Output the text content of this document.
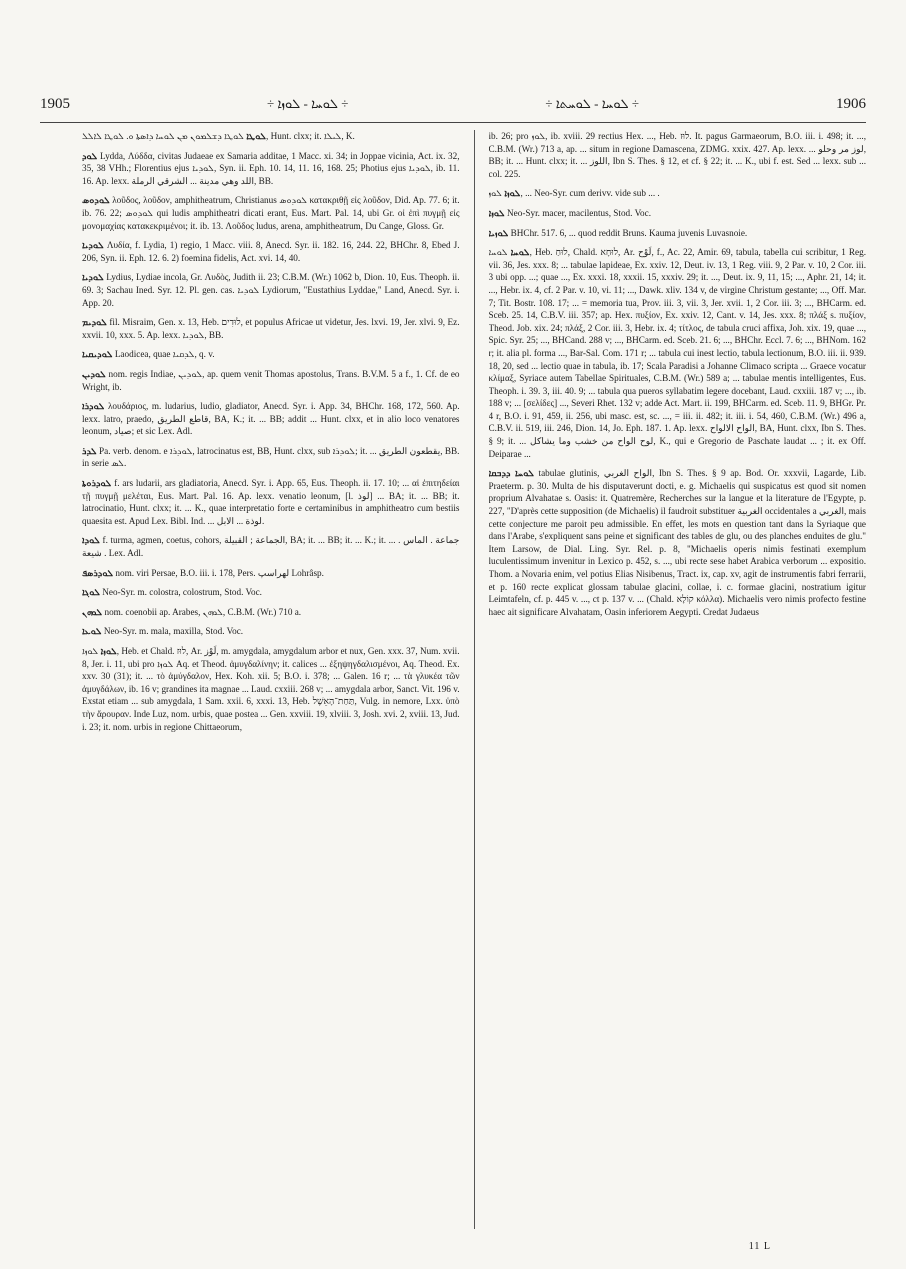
1905	÷ ܠܘܚܐ - ܠܘܙܐ ÷	÷ ܠܘܚܐ - ܠܘܚܬܐ ÷	1906

ܠܘܛܐ ܠܘܛܐ ܕܫܠܡܘܢ ܡܢ ܠܘܚܐ ܕܐܣܬܐ ܘ. ܠܘܛܐ ܠܐܠܠ, Hunt. clxx; it. ܠܝܠܐ, K.

ܠܘܕ Lydda, Λύδδα, civitas Judaeae ex Samaria additae, 1 Macc. xi. 34; in Joppae vicinia, Act. ix. 32, 35, 38 VHh.; Florentius ejus ܠܘܕܝܐ, Syn. ii. Eph. 10. 14, 11. 16, 168. 25; Photius ejus ܠܘܕܝܐ, ib. 11. 16. Ap. lexx. اللد وهي مدينة ... الشرقي الرملة, BB.

ܠܘܕܘܣ λοῦδος, λοῦδον, amphitheatrum, Christianus ܠܘܕܘܣ κατακριθῇ εἰς λοῦδον, Did. Ap. 77. 6; it. ib. 76. 22; ܠܘܕܘܣ qui ludis amphitheatri dicati erant, Eus. Mart. Pal. 14, ubi Gr. οἱ ἐπὶ πυγμῇ εἰς μονομαχίας κατακεκριμένοι; it. ib. 13. Λοῦδος ludus, arena, amphitheatrum, Du Cange, Gloss. Gr.

ܠܘܕܝܐ Λυδία, f. Lydia, 1) regio, 1 Macc. viii. 8, Anecd. Syr. ii. 182. 16, 244. 22, BHChr. 8, Ebed J. 206, Syn. ii. Eph. 12. 6. 2) foemina fidelis, Act. xvi. 14, 40.

ܠܘܕܝܐ Lydius, Lydiae incola, Gr. Λυδὸς, Judith ii. 23; C.B.M. (Wr.) 1062 b, Dion. 10, Eus. Theoph. ii. 69. 3; Sachau Ined. Syr. 12. Pl. gen. cas. ܠܘܕܝܐ Lydiorum, "Eustathius Lyddae," Land, Anecd. Syr. i. App. 20.

ܠܘܕܝܡ fil. Misraim, Gen. x. 13, Heb. לוּדִים, et populus Africae ut videtur, Jes. lxvi. 19, Jer. xlvi. 9, Ez. xxvii. 10, xxx. 5. Ap. lexx. ܠܘܕܝܐ, BB.

ܠܘܕܝܩܝܐ Laodicea, quae ܠܕܩܝܐ, q. v.

ܠܘܕܝܢ nom. regis Indiae, ܠܘܕܝܢ, ap. quem venit Thomas apostolus, Trans. B.V.M. 5 a f., 1. Cf. de eo Wright, ib.

ܠܘܕܪܐ λουδάριος, m. ludarius, ludio, gladiator, Anecd. Syr. i. App. 34, BHChr. 168, 172, 560. Ap. lexx. latro, praedo, قاطع الطريق, BA, K.; it. ... BB; addit ... Hunt. clxx, et in alio loco venatores leonum, صياد; et sic Lex. Adl.

ܠܕܪ Pa. verb. denom. e ܠܘܕܪܐ, latrocinatus est, BB, Hunt. clxx, sub ܠܘܕܪܐ; it. ... يقطعون الطريق, BB. in serie ܠܣ.

ܠܘܕܪܘܬܐ f. ars ludarii, ars gladiatoria, Anecd. Syr. i. App. 65, Eus. Theoph. ii. 17. 10; ... αἱ ἐπιτηδείαι τῇ πυγμῇ μελέται, Eus. Mart. Pal. 16. Ap. lexx. venatio leonum, [l. لوذ] ... BA; it. ... BB; it. latrocinatio, Hunt. clxx; it. ... K., quae interpretatio forte e certaminibus in amphitheatro cum bestiis quaesita est. Apud Lex. Bibl. Ind. ... لوذة ... الابل.

ܠܘܕܐ f. turma, agmen, coetus, cohors, الجماعة ; القبيلة, BA; it. ... BB; it. ... K.; it. ... جماعة . الماس . شيعة . Lex. Adl.

ܠܘܕܪܣܦ nom. viri Persae, B.O. iii. i. 178, Pers. لهراسپ Lohrâsp.

ܠܘܓܐ Neo-Syr. m. colostra, colostrum, Stod. Voc.

ܠܘܗܢ nom. coenobii ap. Arabes, ܠܘܗܢ, C.B.M. (Wr.) 710 a.

ܠܘܥܐ Neo-Syr. m. mala, maxilla, Stod. Voc.

ܠܘܙܐ ܠܘܙܐ, Heb. et Chald. לוּז, Ar. لَوْز, m. amygdala, amygdalum arbor et nux, Gen. xxx. 37, Num. xvii. 8, Jer. i. 11, ubi pro ܠܘܙܐ Aq. et Theod. ἀμυγδαλίνην; it. calices ... ἐξηψηγδαλισμένοι, Aq. Theod. Ex. xxv. 30 (31); it. ... τὸ ἀμύγδαλον, Hex. Koh. xii. 5; B.O. i. 378; ... Galen. 16 r; ... τὰ γλυκέα τῶν ἀμυγδάλων, ib. 16 v; grandines ita magnae ... Laud. cxxiii. 268 v; ... amygdala arbor, Sanct. Vit. 196 v. Exstat etiam ... sub amygdala, 1 Sam. xxii. 6, xxxi. 13, Heb. תַּחַת־הָאֵשֶׁל, Vulg. in nemore, Lxx. ὑπὸ τὴν ἄρουραν. Inde Luz, nom. urbis, quae postea ... Gen. xxviii. 19, xlviii. 3, Josh. xvi. 2, xviii. 13, Jud. i. 23; it. nom. urbis in regione Chittaeorum,

ib. 26; pro ܠܘܙ, ib. xviii. 29 rectius Hex. ..., Heb. לוּז. It. pagus Garmaeorum, B.O. iii. i. 498; it. ..., C.B.M. (Wr.) 713 a, ap. ... situm in regione Damascena, ZDMG. xxix. 427. Ap. lexx. ... لوز مر وحلو, BB; it. ... Hunt. clxx; it. ... اللوز, Ibn S. Thes. § 12, et cf. § 22; it. ... K., ubi f. est. Sed ... lexx. sub ... col. 225.

ܠܘܙܐ ܠܘܙ, ... Neo-Syr. cum derivv. vide sub ... .

ܠܘܙܐ Neo-Syr. macer, macilentus, Stod. Voc.

ܠܘܙܝܐ BHChr. 517. 6, ... quod reddit Bruns. Kauma juvenis Luvasnoie.

ܠܘܚܐ ܠܘܚܐ, Heb. לוּחַ, Chald. לוּחָא, Ar. لَوْح, f., Ac. 22, Amir. 69, tabula, tabella cui scribitur, 1 Reg. vii. 36, Jes. xxx. 8; ... tabulae lapideae, Ex. xxiv. 12, Deut. iv. 13, 1 Reg. viii. 9, 2 Par. v. 10, 2 Cor. iii. 3 ubi opp. ...; quae ..., Ex. xxxi. 18, xxxii. 15, xxxiv. 29; it. ..., Deut. ix. 9, 11, 15; ..., Aphr. 21, 14; it. ..., Hebr. ix. 4, cf. 2 Par. v. 10, vi. 11; ..., Dawk. xliv. 134 v, de virgine Christum gestante; ..., Off. Mar. 7; Tit. Bostr. 108. 17; ... = memoria tua, Prov. iii. 3, vii. 3, Jer. xvii. 1, 2 Cor. iii. 3; ..., BHCarm. ed. Sceb. 25. 14, C.B.V. iii. 357; ap. Hex. πυξίον, Ex. xxiv. 12, Cant. v. 14, Jes. xxx. 8; πλάξ s. πυξίον, Theod. Job. xix. 24; πλάξ, 2 Cor. iii. 3, Hebr. ix. 4; τίτλος, de tabula cruci affixa, Joh. xix. 19, quae ..., Spic. Syr. 25; ..., BHCand. 288 v; ..., BHCarm. ed. Sceb. 21. 6; ..., BHChr. Eccl. 7. 6; ..., BHNom. 162 r; it. alia pl. forma ..., Bar-Sal. Com. 171 r; ... tabula cui inest lectio, tabula lectionum, B.O. iii. ii. 939. 18, 20, sed ... lectio quae in tabula, ib. 17; Scala Paradisi a Johanne Climaco scripta ... Graece vocatur κλίμαξ, Syriace autem Tabellae Spirituales, C.B.M. (Wr.) 589 a; ... tabulae mentis intelligentes, Eus. Theoph. i. 39. 3, iii. 40. 9; ... tabula qua pueros syllabatim legere docebant, Laud. cxxiii. 187 v; ..., ib. 188 v; ... [σελίδες] ..., Severi Rhet. 132 v; adde Act. Mart. ii. 199, BHCarm. ed. Sceb. 11. 9, BHGr. Pr. 4 r, B.O. i. 91, 459, ii. 256, ubi masc. est, sc. ..., = iii. ii. 482; it. iii. i. 54, 460, C.B.M. (Wr.) 496 a, C.B.V. ii. 519, iii. 246, Dion. 14, Jo. Eph. 187. 1. Ap. lexx. الواح الالواح, BA, Hunt. clxx, Ibn S. Thes. § 9; it. ... لوح الواح من خشب وما يشاكل, K., qui e Gregorio de Paschate laudat ... ; it. ex Off. Deiparae ...

ܠܘܚܐ ܕܕܒܩܐ tabulae glutinis, الواح الغربي, Ibn S. Thes. § 9 ap. Bod. Or. xxxvii, Lagarde, Lib. Praeterm. p. 30. Multa de his disputaverunt docti, e. g. Michaelis qui suspicatus est quod sit nomen proprium Alvahatae s. Oasis: it. Quatremère, Recherches sur la langue et la literature de l'Egypte, p. 227, "D'après cette supposition (de Michaelis) il faudroit substituer الغربية occidentales a الغربي, mais cette conjecture me paroit peu admissible. En effet, les mots en question tant dans la Syriaque que dans l'Arabe, s'expliquent sans peine et significant des tables de glu, ou des planches enduites de glu." Item Larsow, de Dial. Ling. Syr. Rel. p. 8, "Michaelis operis nimis festinati exemplum luculentissimum invenitur in Lexico p. 452, s. ..., ubi recte sese habet Arabica verborum ... expositio. Thom. a Novaria enim, vel potius Elias Nisibenus, Tract. ix, cap. xv, agit de instrumentis fabri ferrarii, et p. 160 recte explicat glossam tabulae glacini, collae, i. c. formae glacini, nostratium igitur Leimtafeln, cf. p. 445 v. ..., ct p. 137 v. ... (Chald. קוֹלָא κόλλα). Michaelis vero nimis profecto festine haec ait significare Alvahatam, Oasin inferiorem Aegypti. Credat Judaeus

11 L
